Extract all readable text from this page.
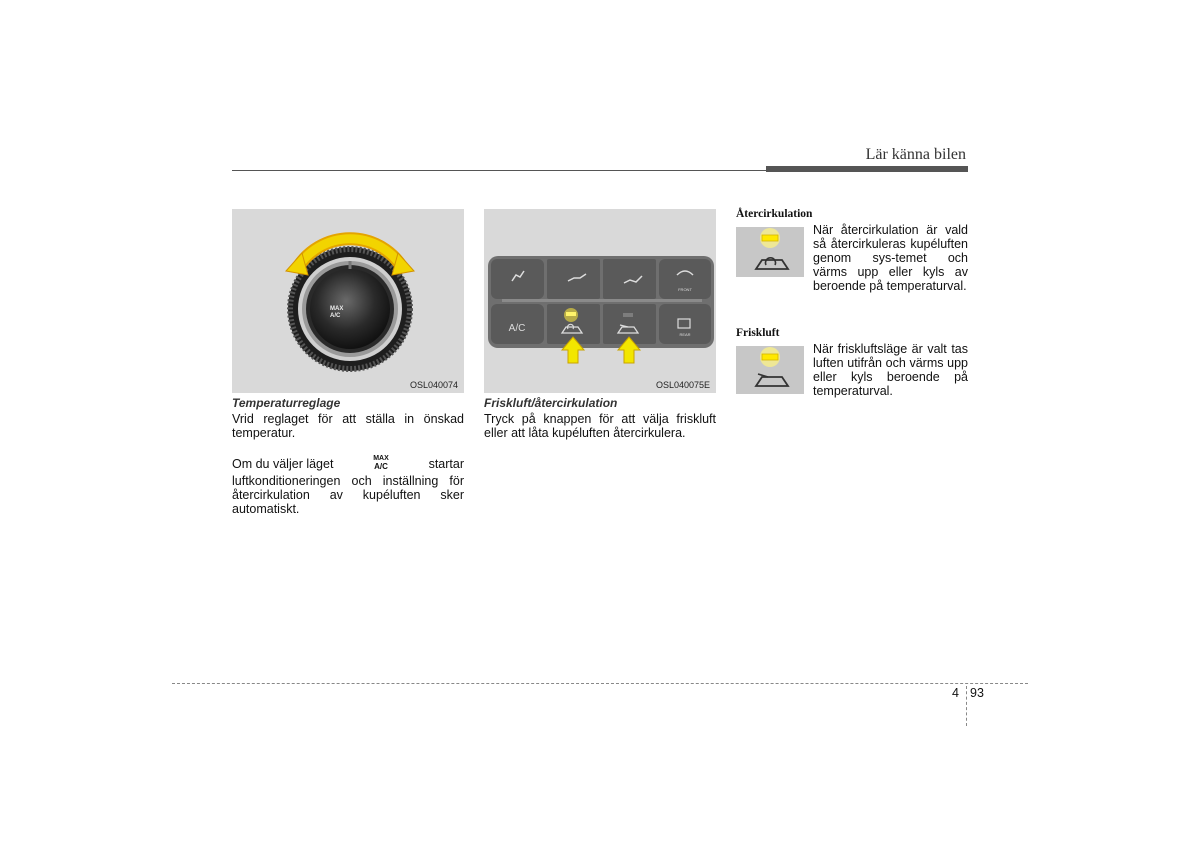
Lär känna bilen
MAX
A/C
OSL040074
Temperaturreglage
Vrid reglaget för att ställa in önskad temperatur.
Om du väljer läget	MAX
A/C	startar
luftkonditioneringen och inställning för återcirkulation av kupéluften sker automatiskt.
FRONT
A/C
REAR
OSL040075E
Friskluft/återcirkulation
Tryck på knappen för att välja friskluft eller att låta kupéluften återcirkulera.
Återcirkulation
När återcirkulation är vald så återcirkuleras kupéluften genom sys-temet och värms upp eller kyls av beroende på temperaturval.
Friskluft
När friskluftsläge är valt tas luften utifrån och värms upp eller kyls beroende på temperaturval.
4 93
